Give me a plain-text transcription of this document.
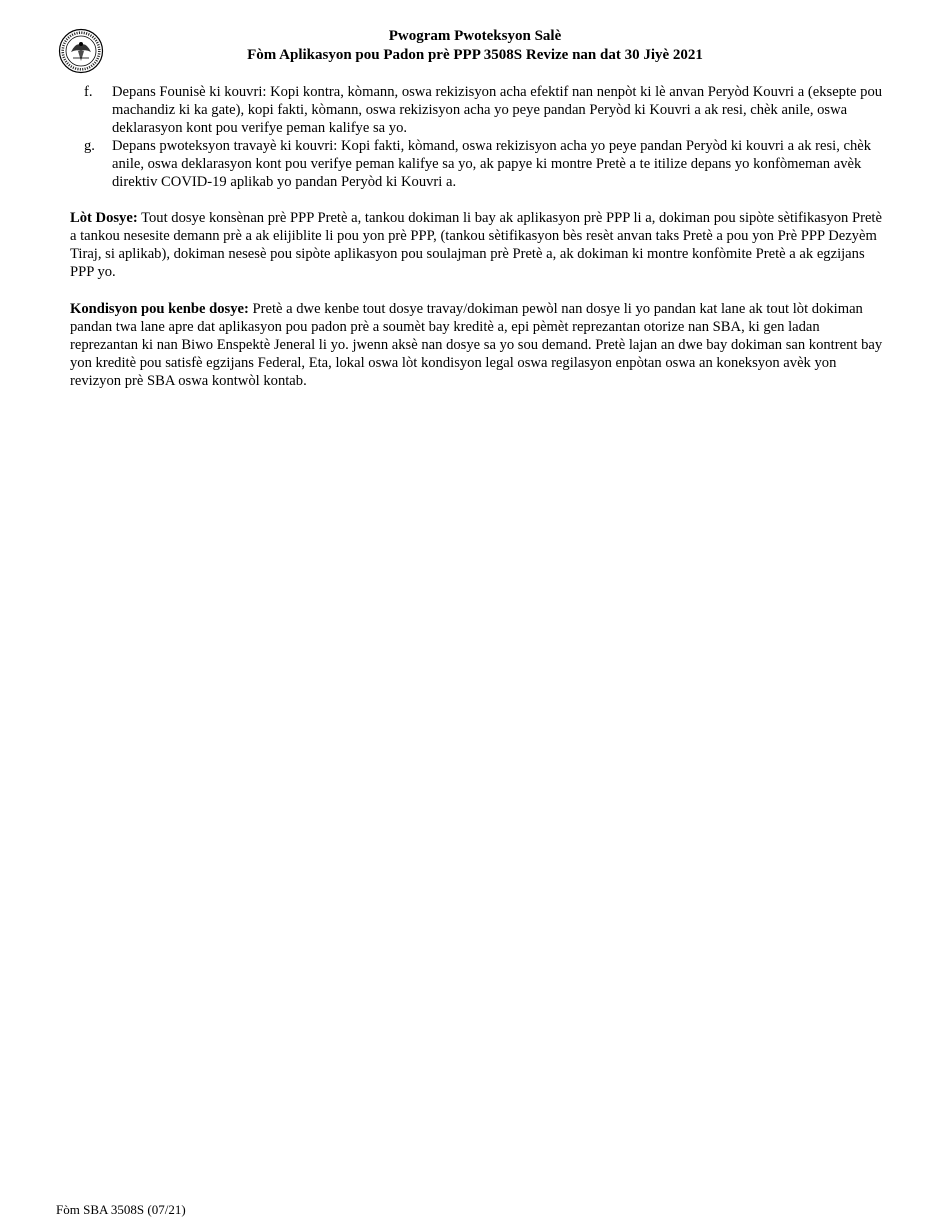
Pwogram Pwoteksyon Salè
Fòm Aplikasyon pou Padon prè PPP 3508S Revize nan dat 30 Jiyè 2021
f.	Depans Founisè ki kouvri: Kopi kontra, kòmann, oswa rekizisyon acha efektif nan nenpòt ki lè anvan Peryòd Kouvri a (eksepte pou machandiz ki ka gate), kopi fakti, kòmann, oswa rekizisyon acha yo peye pandan Peryòd ki Kouvri a ak resi, chèk anile, oswa deklarasyon kont pou verifye peman kalifye sa yo.
g.	Depans pwoteksyon travayè ki kouvri: Kopi fakti, kòmand, oswa rekizisyon acha yo peye pandan Peryòd ki kouvri a ak resi, chèk anile, oswa deklarasyon kont pou verifye peman kalifye sa yo, ak papye ki montre Pretè a te itilize depans yo konfòmeman avèk direktiv COVID-19 aplikab yo pandan Peryòd ki Kouvri a.

Lòt Dosye: Tout dosye konsènan prè PPP Pretè a, tankou dokiman li bay ak aplikasyon prè PPP li a, dokiman pou sipòte sètifikasyon Pretè a tankou nesesite demann prè a ak elijiblite li pou yon prè PPP, (tankou sètifikasyon bès resèt anvan taks Pretè a pou yon Prè PPP Dezyèm Tiraj, si aplikab), dokiman nesesè pou sipòte aplikasyon pou soulajman prè Pretè a, ak dokiman ki montre konfòmite Pretè a ak egzijans PPP yo.

Kondisyon pou kenbe dosye: Pretè a dwe kenbe tout dosye travay/dokiman pewòl nan dosye li yo pandan kat lane ak tout lòt dokiman pandan twa lane apre dat aplikasyon pou padon prè a soumèt bay kreditè a, epi pèmèt reprezantan otorize nan SBA, ki gen ladan reprezantan ki nan Biwo Enspektè Jeneral li yo. jwenn aksè nan dosye sa yo sou demand. Pretè lajan an dwe bay dokiman san kontrent bay yon kreditè pou satisfè egzijans Federal, Eta, lokal oswa lòt kondisyon legal oswa regilasyon enpòtan oswa an koneksyon avèk yon revizyon prè SBA oswa kontwòl kontab.

Fòm SBA 3508S (07/21)
